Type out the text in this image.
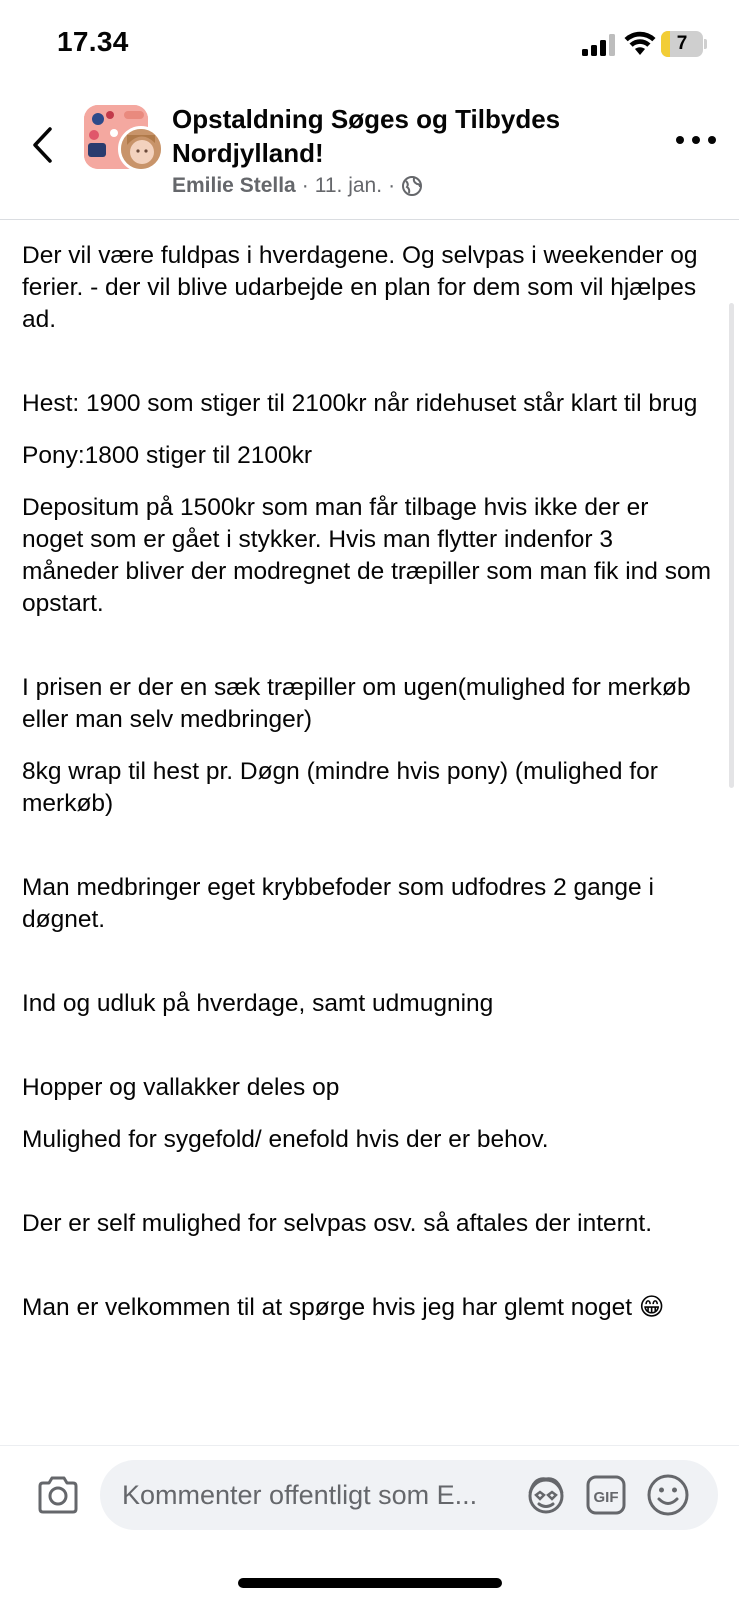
17.34	7
Opstaldning Søges og Tilbydes Nordjylland!
Emilie Stella · 11. jan. ·

Der vil være fuldpas i hverdagene. Og selvpas i weekender og ferier. - der vil blive udarbejde en plan for dem som vil hjælpes ad.

Hest: 1900 som stiger til 2100kr når ridehuset står klart til brug

Pony:1800 stiger til 2100kr

Depositum på 1500kr som man får tilbage hvis ikke der er noget som er gået i stykker. Hvis man flytter indenfor 3 måneder bliver der modregnet de træpiller som man fik ind som opstart.

I prisen er der en sæk træpiller om ugen(mulighed for merkøb eller man selv medbringer)

8kg wrap til hest pr. Døgn (mindre hvis pony) (mulighed for merkøb)

Man medbringer eget krybbefoder som udfodres 2 gange i døgnet.

Ind og udluk på hverdage, samt udmugning

Hopper og vallakker deles op

Mulighed for sygefold/ enefold hvis der er behov.

Der er self mulighed for selvpas osv. så aftales der internt.

Man er velkommen til at spørge hvis jeg har glemt noget 😁

Kommenter offentligt som E...	GIF
